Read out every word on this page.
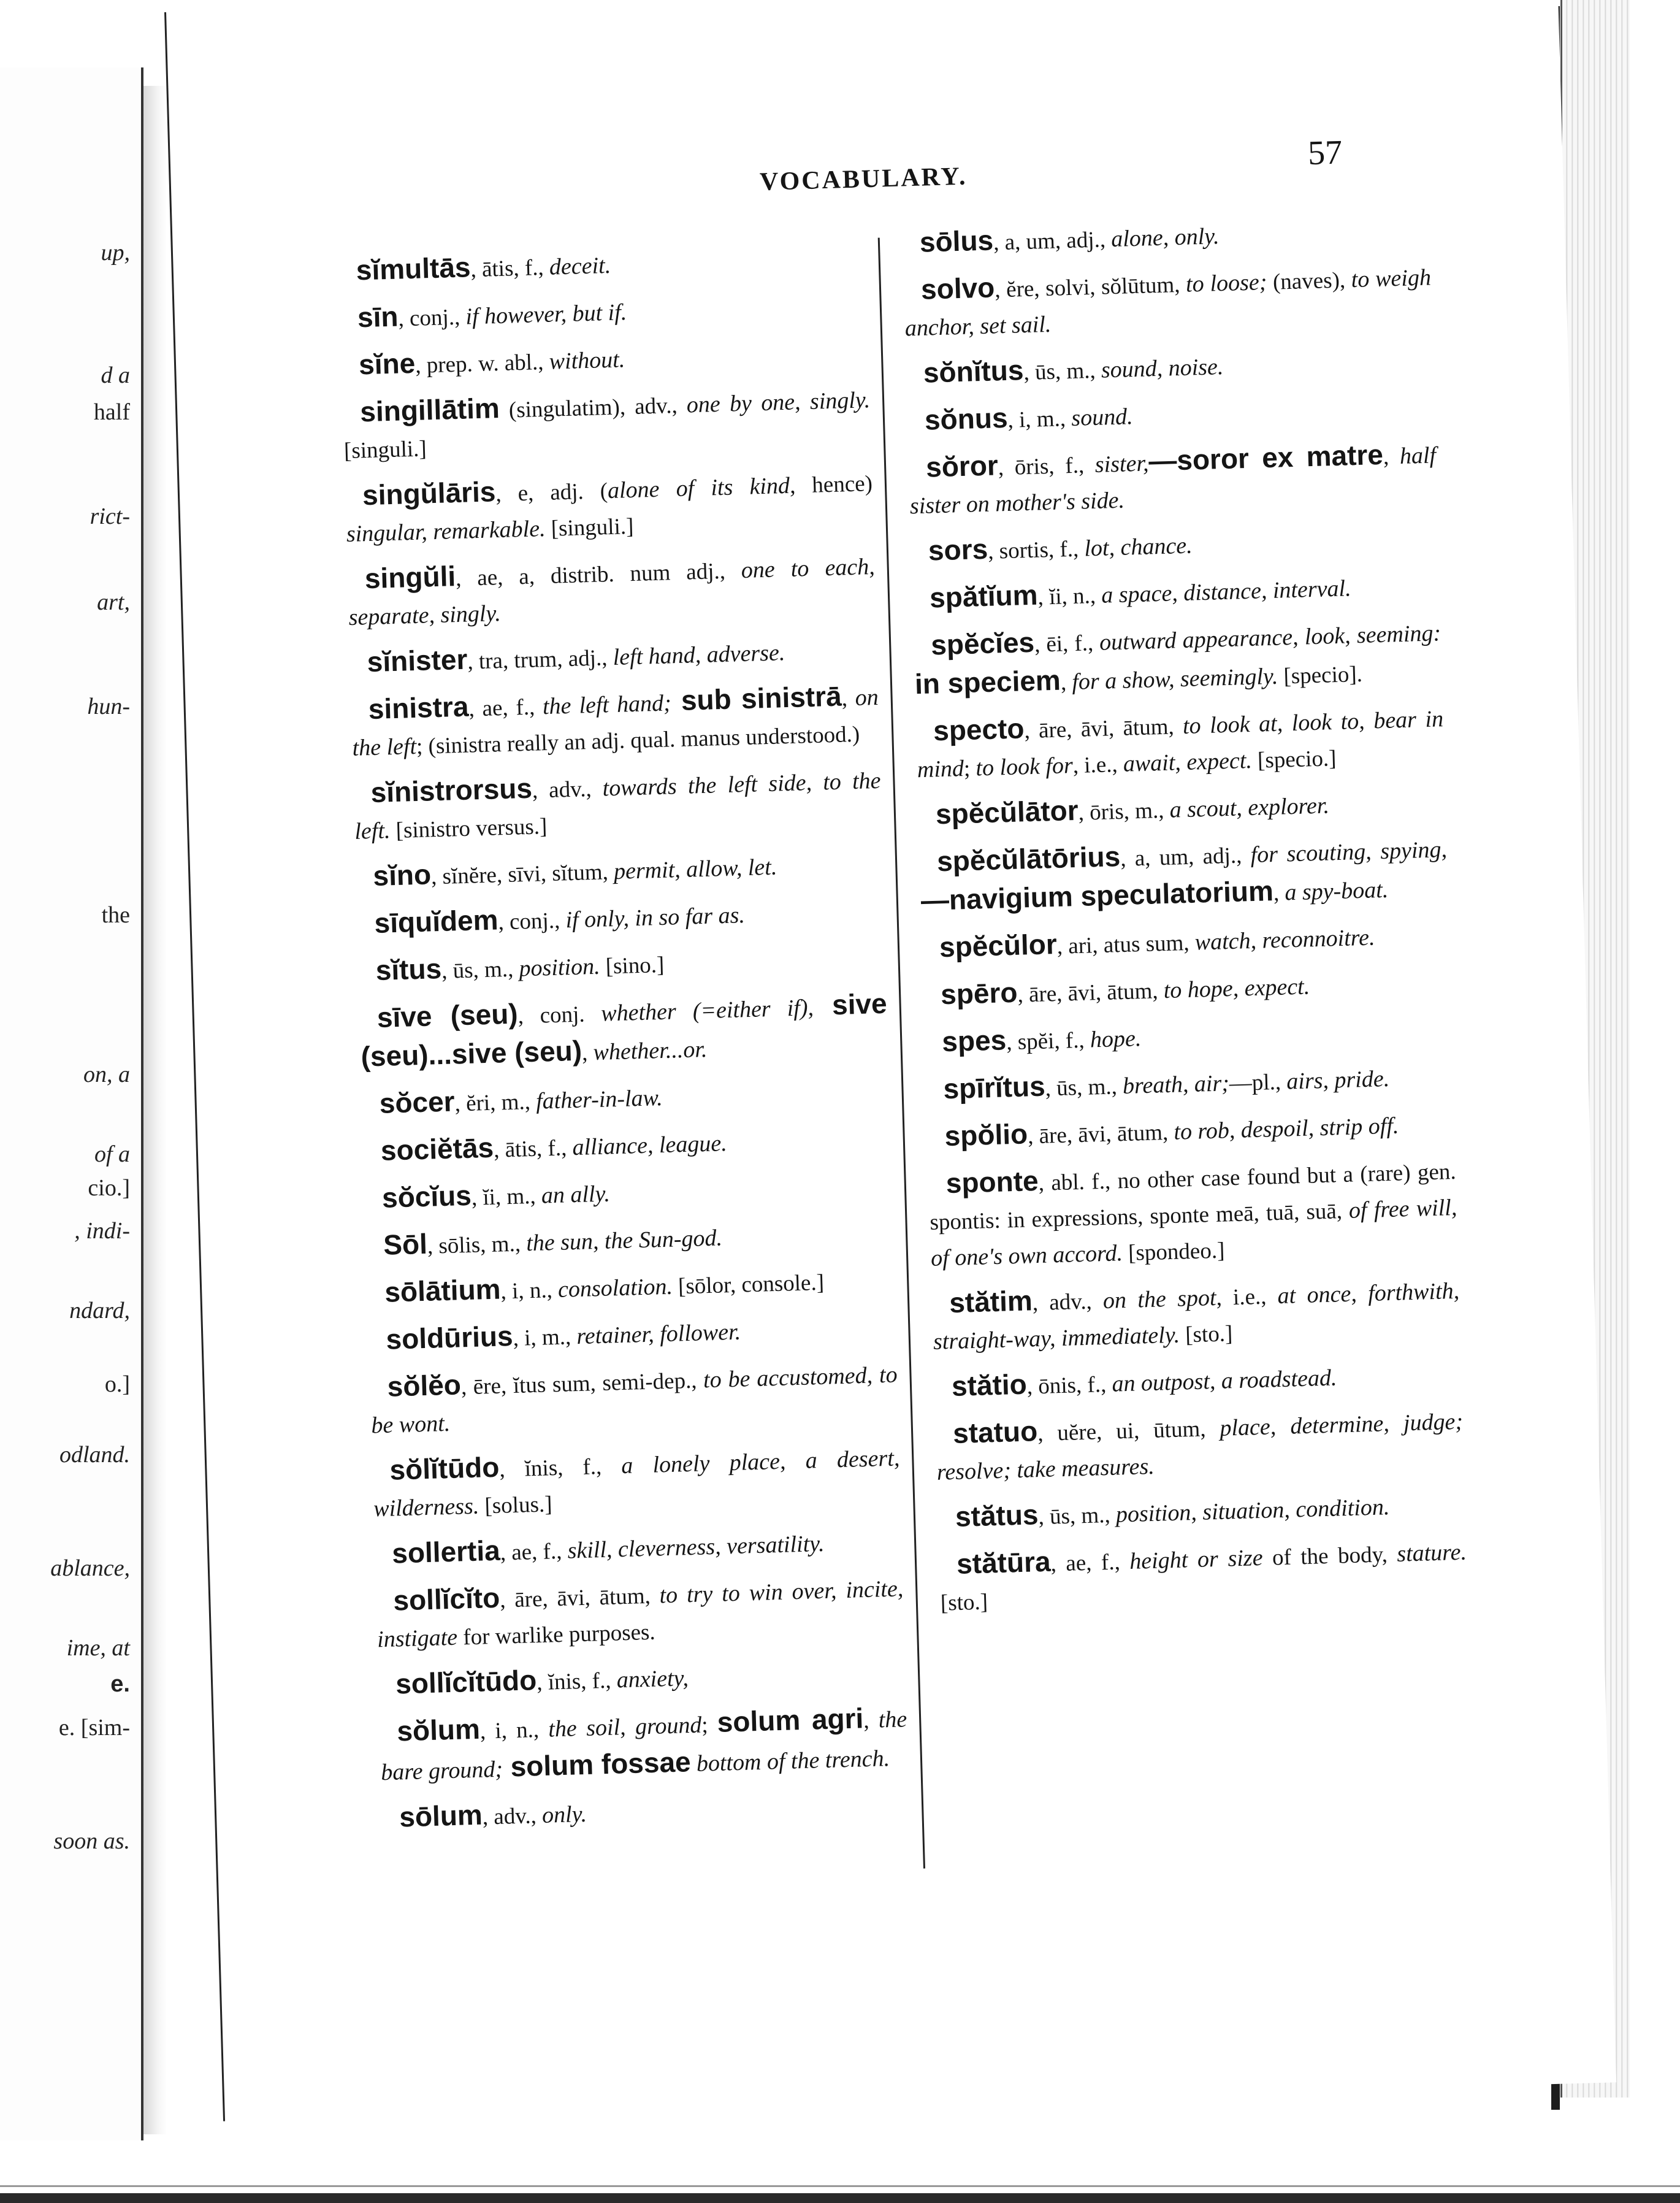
up,
d a
half
rict-
art,
hun-
the
on, a
of a
cio.]
, indi-
ndard,
o.]
odland.
ablance,
ime, at
e.
e. [sim-
soon as.
VOCABULARY.
57
sĭmultās, ātis, f., deceit.
sīn, conj., if however, but if.
sĭne, prep. w. abl., without.
singillātim (singulatim), adv., one by one, singly. [singuli.]
singŭlāris, e, adj. (alone of its kind, hence) singular, remarkable. [singuli.]
singŭli, ae, a, distrib. num adj., one to each, separate, singly.
sĭnister, tra, trum, adj., left hand, adverse.
sinistra, ae, f., the left hand; sub sinistrā, on the left; (sinistra really an adj. qual. manus understood.)
sĭnistrorsus, adv., towards the left side, to the left. [sinistro versus.]
sĭno, sĭnĕre, sīvi, sĭtum, permit, allow, let.
sīquĭdem, conj., if only, in so far as.
sĭtus, ūs, m., position. [sino.]
sīve (seu), conj. whether (=either if), sive (seu)...sive (seu), whether...or.
sŏcer, ĕri, m., father-in-law.
sociĕtās, ātis, f., alliance, league.
sŏcĭus, ĭi, m., an ally.
Sōl, sōlis, m., the sun, the Sun-god.
sōlātium, i, n., consolation. [sōlor, console.]
soldūrius, i, m., retainer, follower.
sŏlĕo, ēre, ĭtus sum, semi-dep., to be accustomed, to be wont.
sŏlĭtūdo, ĭnis, f., a lonely place, a desert, wilderness. [solus.]
sollertia, ae, f., skill, cleverness, versatility.
sollĭcĭto, āre, āvi, ātum, to try to win over, incite, instigate for warlike purposes.
sollĭcĭtūdo, ĭnis, f., anxiety,
sŏlum, i, n., the soil, ground; solum agri, the bare ground; solum fossae bottom of the trench.
sōlum, adv., only.
sōlus, a, um, adj., alone, only.
solvo, ĕre, solvi, sŏlūtum, to loose; (naves), to weigh anchor, set sail.
sŏnĭtus, ūs, m., sound, noise.
sŏnus, i, m., sound.
sŏror, ōris, f., sister,—soror ex matre, half sister on mother's side.
sors, sortis, f., lot, chance.
spătĭum, ĭi, n., a space, distance, interval.
spĕcĭes, ēi, f., outward appearance, look, seeming: in speciem, for a show, seemingly. [specio].
specto, āre, āvi, ātum, to look at, look to, bear in mind; to look for, i.e., await, expect. [specio.]
spĕcŭlātor, ōris, m., a scout, explorer.
spĕcŭlātōrius, a, um, adj., for scouting, spying,—navigium speculatorium, a spy-boat.
spĕcŭlor, ari, atus sum, watch, reconnoitre.
spēro, āre, āvi, ātum, to hope, expect.
spes, spĕi, f., hope.
spīrĭtus, ūs, m., breath, air;—pl., airs, pride.
spŏlio, āre, āvi, ātum, to rob, despoil, strip off.
sponte, abl. f., no other case found but a (rare) gen. spontis: in expressions, sponte meā, tuā, suā, of free will, of one's own accord. [spondeo.]
stătim, adv., on the spot, i.e., at once, forthwith, straight-way, immediately. [sto.]
stătio, ōnis, f., an outpost, a roadstead.
statuo, uĕre, ui, ūtum, place, determine, judge; resolve; take measures.
stătus, ūs, m., position, situation, condition.
stătūra, ae, f., height or size of the body, stature. [sto.]
